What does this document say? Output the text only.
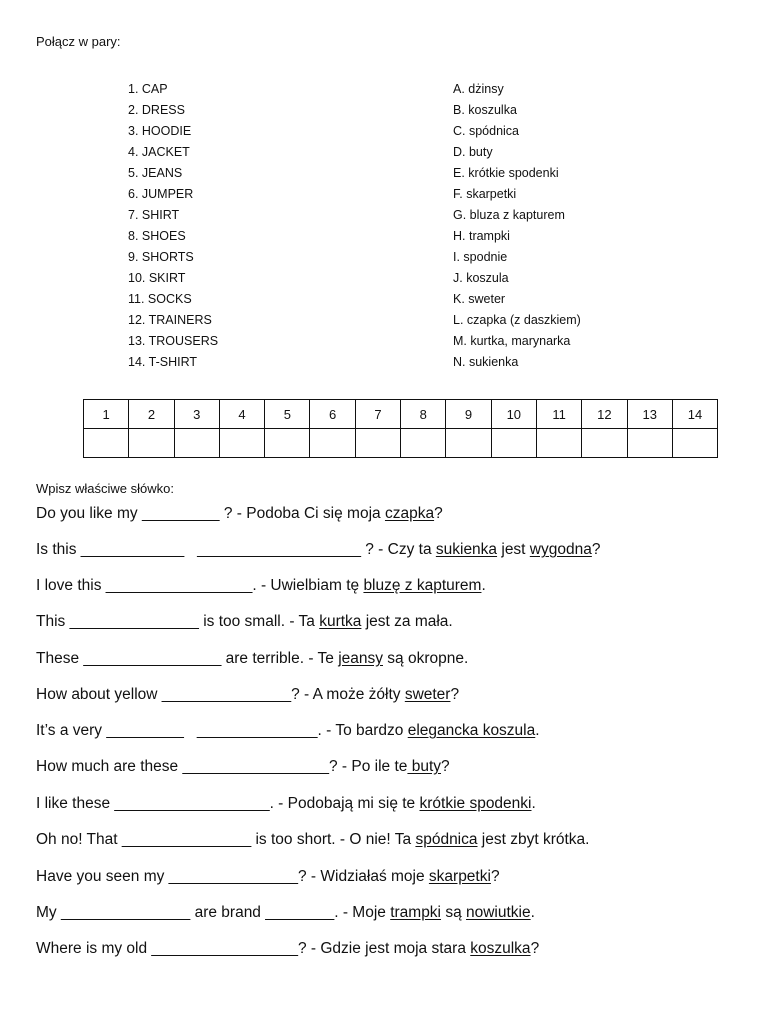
Połącz w pary:
1. CAP
2. DRESS
3. HOODIE
4. JACKET
5. JEANS
6. JUMPER
7. SHIRT
8. SHOES
9. SHORTS
10. SKIRT
11. SOCKS
12. TRAINERS
13. TROUSERS
14. T-SHIRT
A. dżinsy
B. koszulka
C. spódnica
D. buty
E. krótkie spodenki
F. skarpetki
G. bluza z kapturem
H. trampki
I. spodnie
J. koszula
K. sweter
L. czapka (z daszkiem)
M. kurtka, marynarka
N. sukienka
1	2	3	4	5	6	7	8	9	10	11	12	13	14

Wpisz właściwe słówko:
Do you like my _________ ? - Podoba Ci się moja czapka?
Is this ____________   ___________________ ? - Czy ta sukienka jest wygodna?
I love this _________________. - Uwielbiam tę bluzę z kapturem.
This _______________ is too small. - Ta kurtka jest za mała.
These ________________ are terrible. - Te jeansy są okropne.
How about yellow _______________? - A może żółty sweter?
It’s a very _________   ______________. - To bardzo elegancka koszula.
How much are these _________________? - Po ile te buty?
I like these __________________. - Podobają mi się te krótkie spodenki.
Oh no! That _______________ is too short. - O nie! Ta spódnica jest zbyt krótka.
Have you seen my _______________? - Widziałaś moje skarpetki?
My _______________ are brand ________. - Moje trampki są nowiutkie.
Where is my old _________________? - Gdzie jest moja stara koszulka?
